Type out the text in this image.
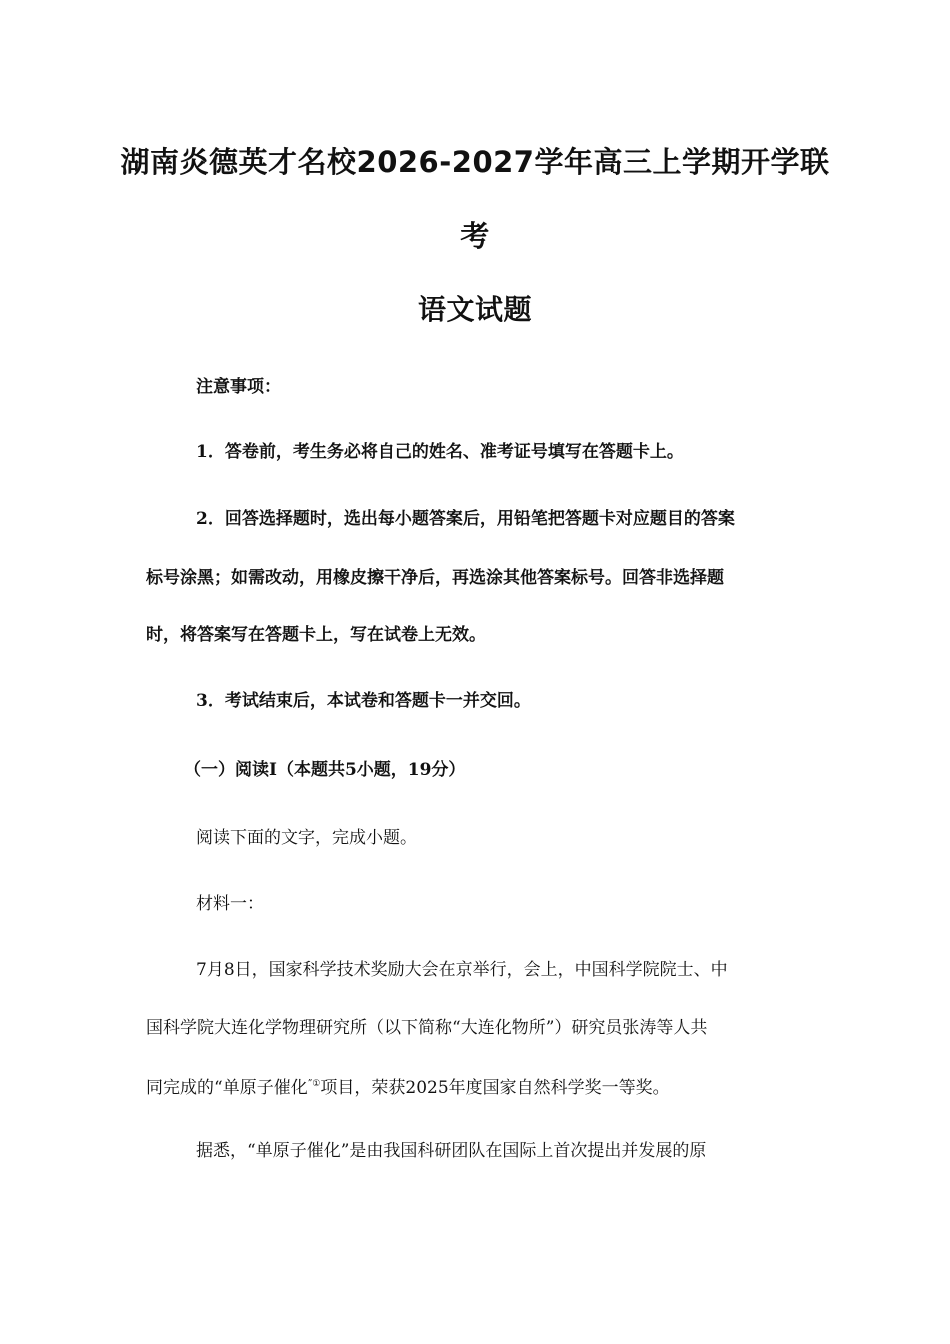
湖南炎德英才名校2026-2027学年高三上学期开学联
考
语文试题
注意事项：
1．答卷前，考生务必将自己的姓名、准考证号填写在答题卡上。
2．回答选择题时，选出每小题答案后，用铅笔把答题卡对应题目的答案
标号涂黑；如需改动，用橡皮擦干净后，再选涂其他答案标号。回答非选择题
时，将答案写在答题卡上，写在试卷上无效。
3．考试结束后，本试卷和答题卡一并交回。
（一）阅读Ⅰ（本题共5小题，19分）
阅读下面的文字，完成小题。
材料一：
7月8日，国家科学技术奖励大会在京举行，会上，中国科学院院士、中
国科学院大连化学物理研究所（以下简称“大连化物所”）研究员张涛等人共
同完成的“单原子催化”①项目，荣获2025年度国家自然科学奖一等奖。
据悉，“单原子催化”是由我国科研团队在国际上首次提出并发展的原
